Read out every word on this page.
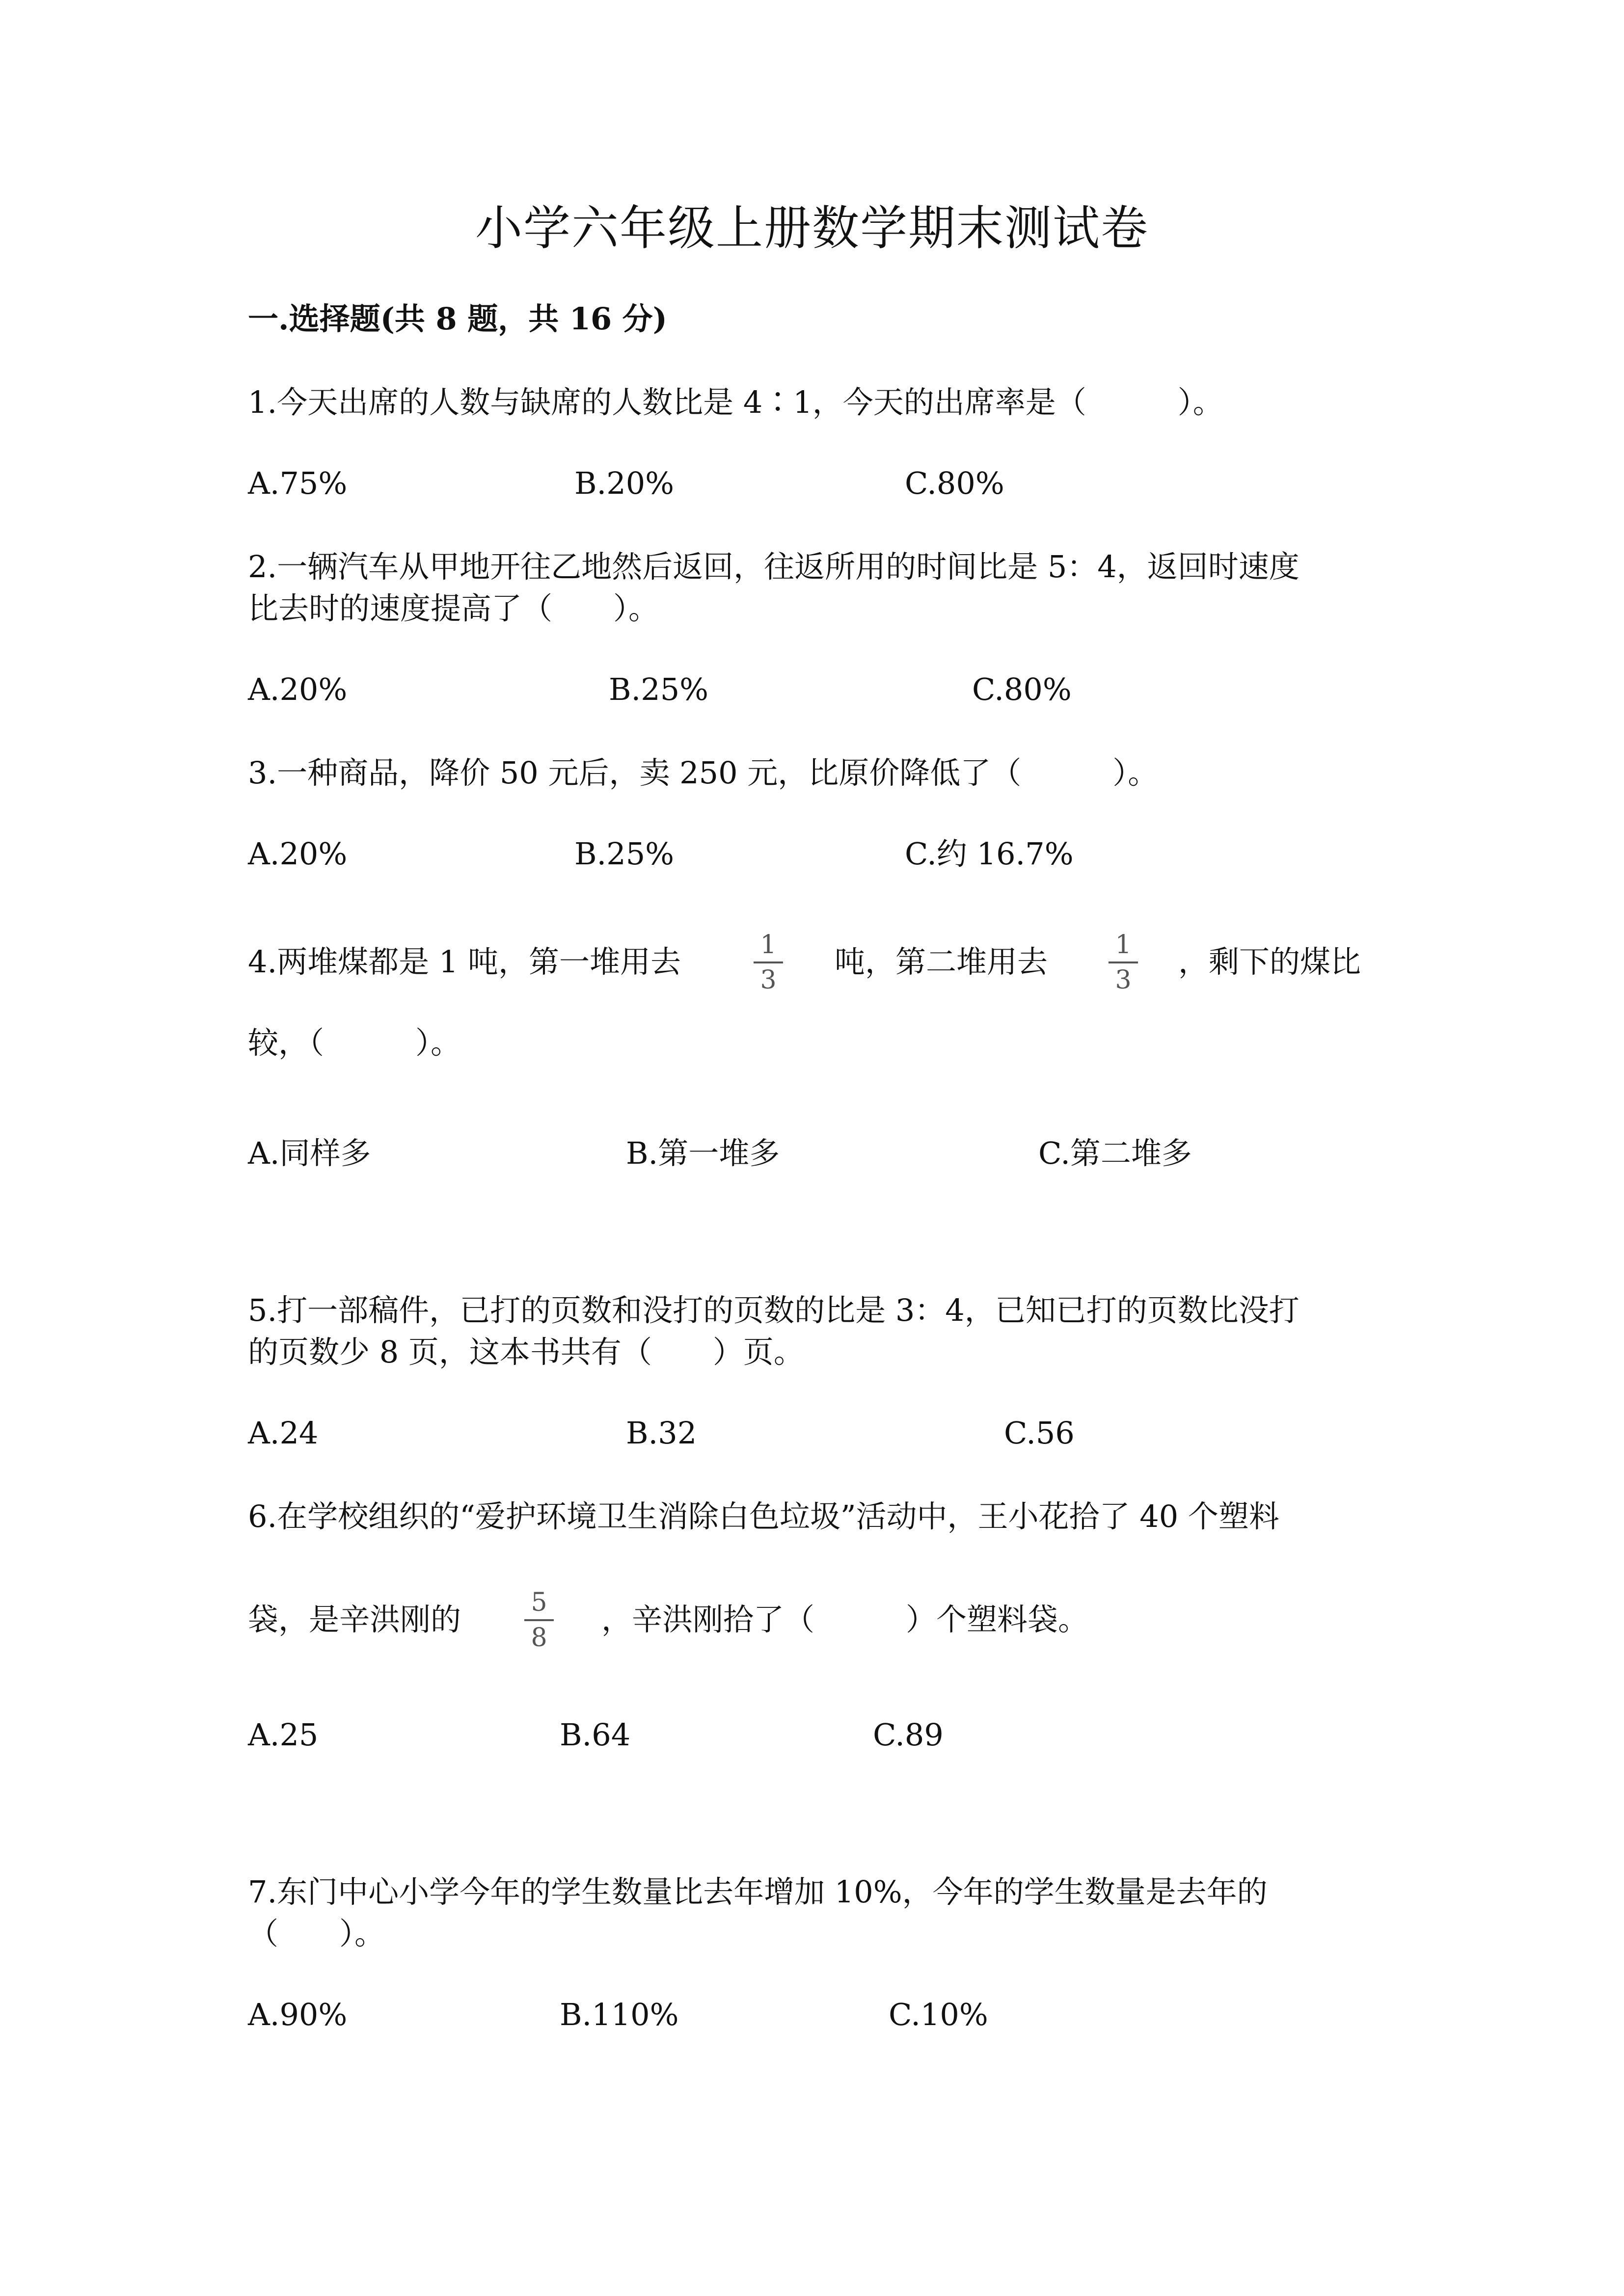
小学六年级上册数学期末测试卷
一.选择题(共 8 题，共 16 分)
1.今天出席的人数与缺席的人数比是 4∶1，今天的出席率是（　　　）。
A.75%	B.20%	C.80%
2.一辆汽车从甲地开往乙地然后返回，往返所用的时间比是 5：4，返回时速度
比去时的速度提高了（　　）。
A.20%	B.25%	C.80%
3.一种商品，降价 50 元后，卖 250 元，比原价降低了（　　　）。
A.20%	B.25%	C.约 16.7%
4.两堆煤都是 1 吨，第一堆用去	1
3
吨，第二堆用去	1
3
，剩下的煤比
较，（　　　）。
A.同样多	B.第一堆多	C.第二堆多
5.打一部稿件，已打的页数和没打的页数的比是 3：4，已知已打的页数比没打
的页数少 8 页，这本书共有（　　）页。
A.24	B.32	C.56
6.在学校组织的“爱护环境卫生消除白色垃圾”活动中，王小花拾了 40 个塑料
袋，是辛洪刚的	5
8
，辛洪刚拾了（　　　）个塑料袋。
A.25	B.64	C.89
7.东门中心小学今年的学生数量比去年增加 10%，今年的学生数量是去年的
（　　）。
A.90%	B.110%	C.10%
